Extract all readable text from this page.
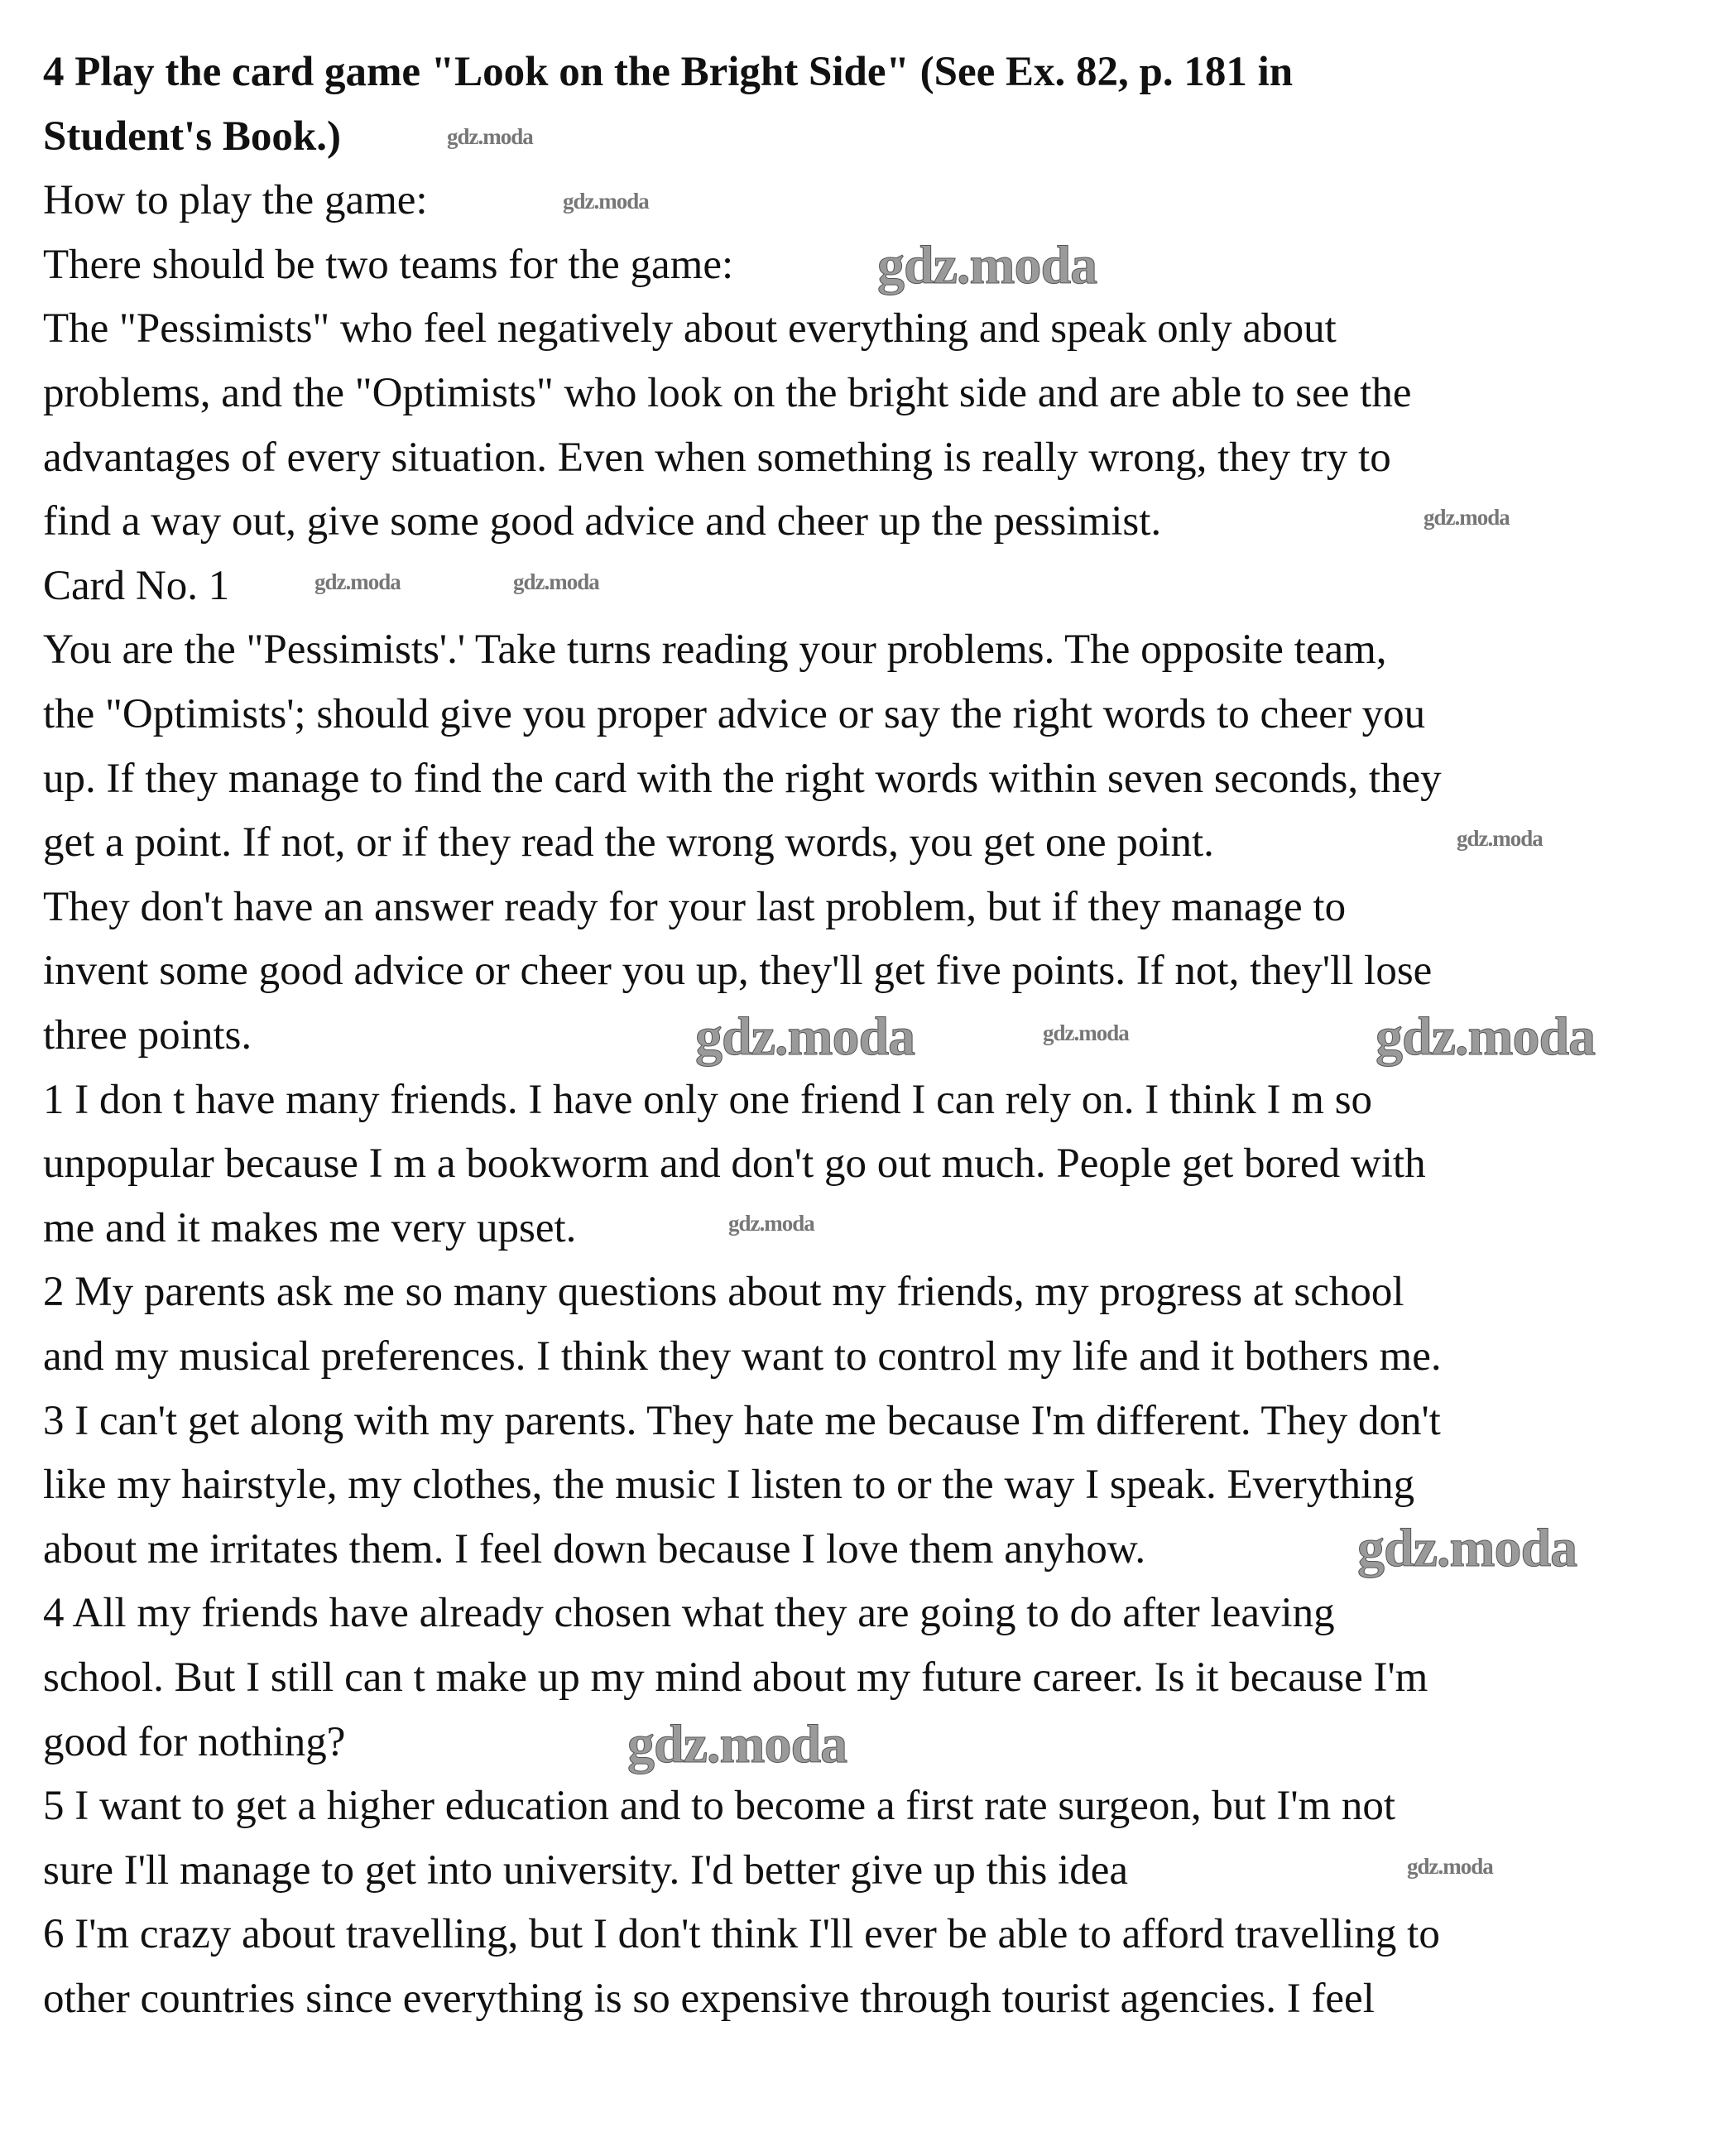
4 Play the card game "Look on the Bright Side" (See Ex. 82, p. 181 in
Student's Book.)
How to play the game:
There should be two teams for the game:
The "Pessimists" who feel negatively about everything and speak only about
problems, and the "Optimists" who look on the bright side and are able to see the
advantages of every situation. Even when something is really wrong, they try to
find a way out, give some good advice and cheer up the pessimist.
Card No. 1
You are the "Pessimists'.' Take turns reading your problems. The opposite team,
the "Optimists'; should give you proper advice or say the right words to cheer you
up. If they manage to find the card with the right words within seven seconds, they
get a point. If not, or if they read the wrong words, you get one point.
They don't have an answer ready for your last problem, but if they manage to
invent some good advice or cheer you up, they'll get five points. If not, they'll lose
three points.
1 I don t have many friends. I have only one friend I can rely on. I think I m so
unpopular because I m a bookworm and don't go out much. People get bored with
me and it makes me very upset.
2 My parents ask me so many questions about my friends, my progress at school
and my musical preferences. I think they want to control my life and it bothers me.
3 I can't get along with my parents. They hate me because I'm different. They don't
like my hairstyle, my clothes, the music I listen to or the way I speak. Everything
about me irritates them. I feel down because I love them anyhow.
4 All my friends have already chosen what they are going to do after leaving
school. But I still can t make up my mind about my future career. Is it because I'm
good for nothing?
5 I want to get a higher education and to become a first rate surgeon, but I'm not
sure I'll manage to get into university. I'd better give up this idea
6 I'm crazy about travelling, but I don't think I'll ever be able to afford travelling to
other countries since everything is so expensive through tourist agencies. I feel
gdz.moda
gdz.moda
gdz.moda
gdz.moda
gdz.moda	gdz.moda
gdz.moda
gdz.moda	gdz.moda	gdz.moda
gdz.moda
gdz.moda
gdz.moda
gdz.moda
